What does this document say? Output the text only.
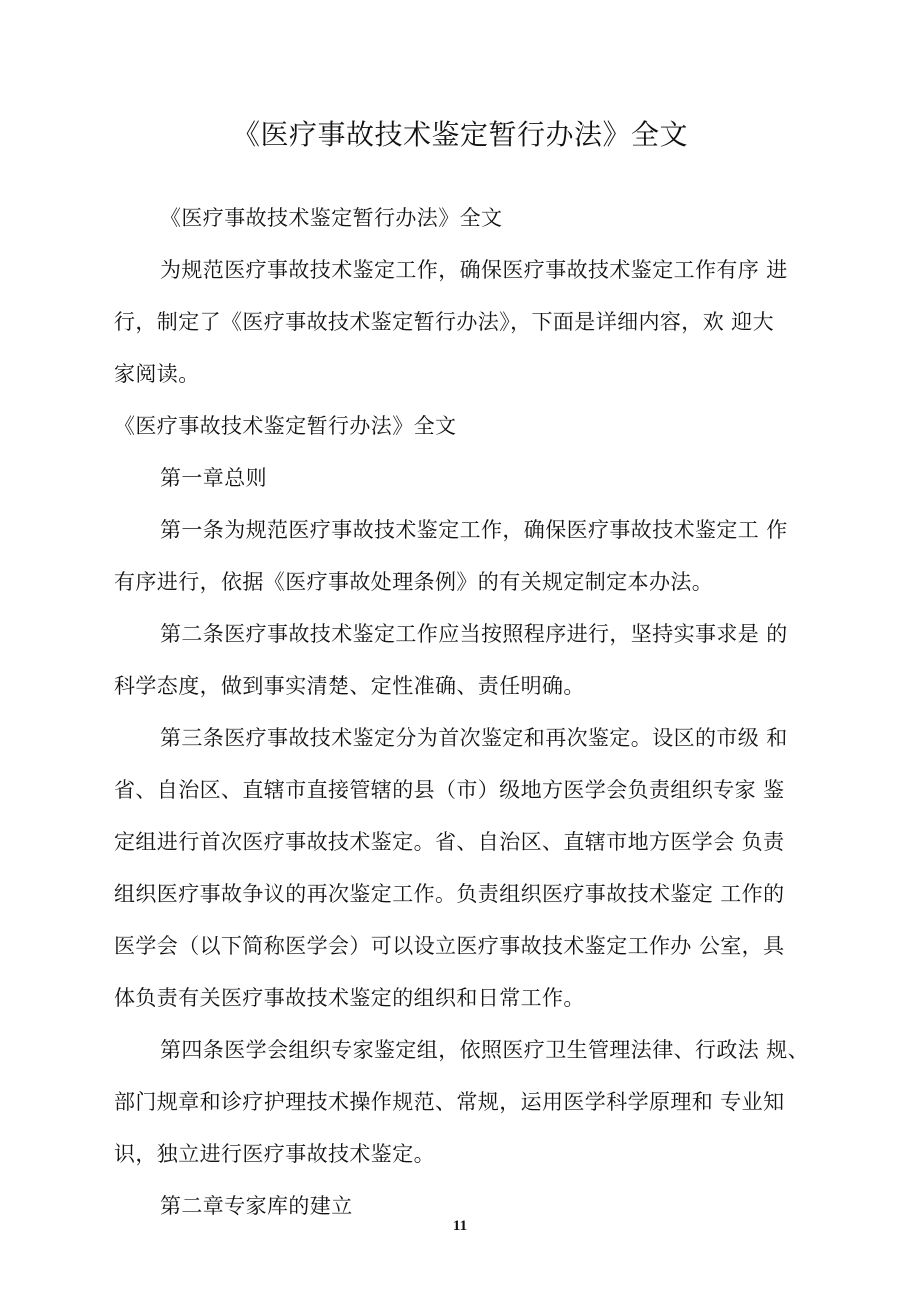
《医疗事故技术鉴定暂行办法》全文
《医疗事故技术鉴定暂行办法》全文
为规范医疗事故技术鉴定工作，确保医疗事故技术鉴定工作有序 进
行，制定了《医疗事故技术鉴定暂行办法》，下面是详细内容，欢 迎大
家阅读。
《医疗事故技术鉴定暂行办法》全文
第一章总则
第一条为规范医疗事故技术鉴定工作，确保医疗事故技术鉴定工 作
有序进行，依据《医疗事故处理条例》的有关规定制定本办法。
第二条医疗事故技术鉴定工作应当按照程序进行，坚持实事求是 的
科学态度，做到事实清楚、定性准确、责任明确。
第三条医疗事故技术鉴定分为首次鉴定和再次鉴定。设区的市级 和
省、自治区、直辖市直接管辖的县（市）级地方医学会负责组织专家 鉴
定组进行首次医疗事故技术鉴定。省、自治区、直辖市地方医学会 负责
组织医疗事故争议的再次鉴定工作。负责组织医疗事故技术鉴定 工作的
医学会（以下简称医学会）可以设立医疗事故技术鉴定工作办 公室，具
体负责有关医疗事故技术鉴定的组织和日常工作。
第四条医学会组织专家鉴定组，依照医疗卫生管理法律、行政法 规、
部门规章和诊疗护理技术操作规范、常规，运用医学科学原理和 专业知
识，独立进行医疗事故技术鉴定。
第二章专家库的建立
11
